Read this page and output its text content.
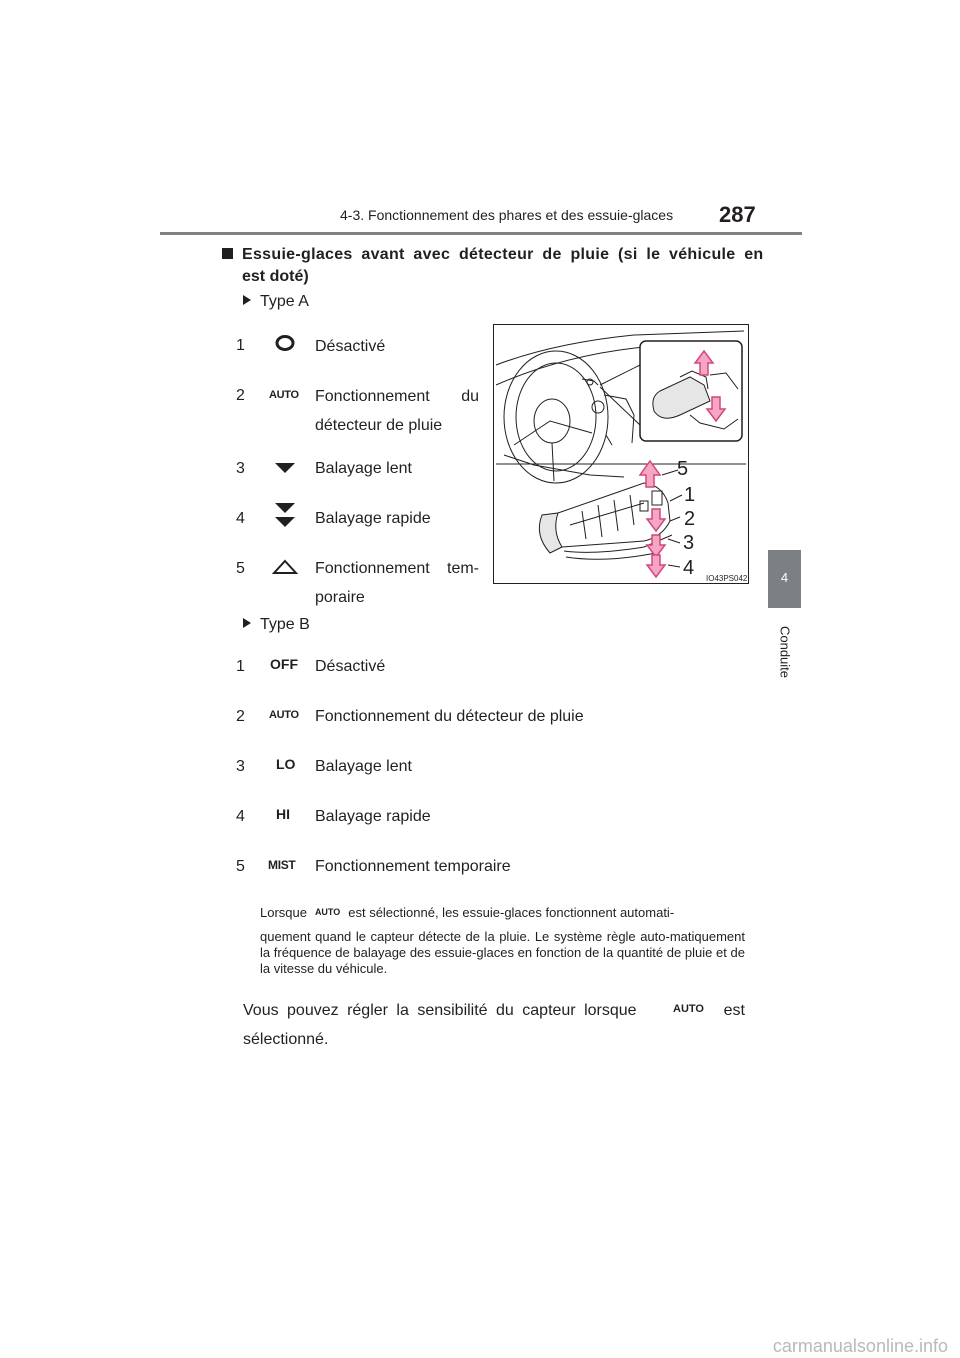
4-3. Fonctionnement des phares et des essuie-glaces 287
4
Conduite
Essuie-glaces avant avec détecteur de pluie (si le véhicule en
est doté)
Type A
1	Désactivé
2 AUTO Fonctionnement du
détecteur de pluie
3	Balayage lent
4	Balayage rapide
5	Fonctionnement tem-
poraire
5
1
2
3
4 IO43PS042
Type B
1 OFF Désactivé
2 AUTO Fonctionnement du détecteur de pluie
3 LO Balayage lent
4 HI Balayage rapide
5 MIST Fonctionnement temporaire
Lorsque AUTO est sélectionné, les essuie-glaces fonctionnent automati-
quement quand le capteur détecte de la pluie. Le système règle auto-matiquement la fréquence de balayage des essuie-glaces en fonction de la quantité de pluie et de la vitesse du véhicule.
Vous pouvez régler la sensibilité du capteur lorsque	AUTO est
sélectionné.
carmanualsonline.info
